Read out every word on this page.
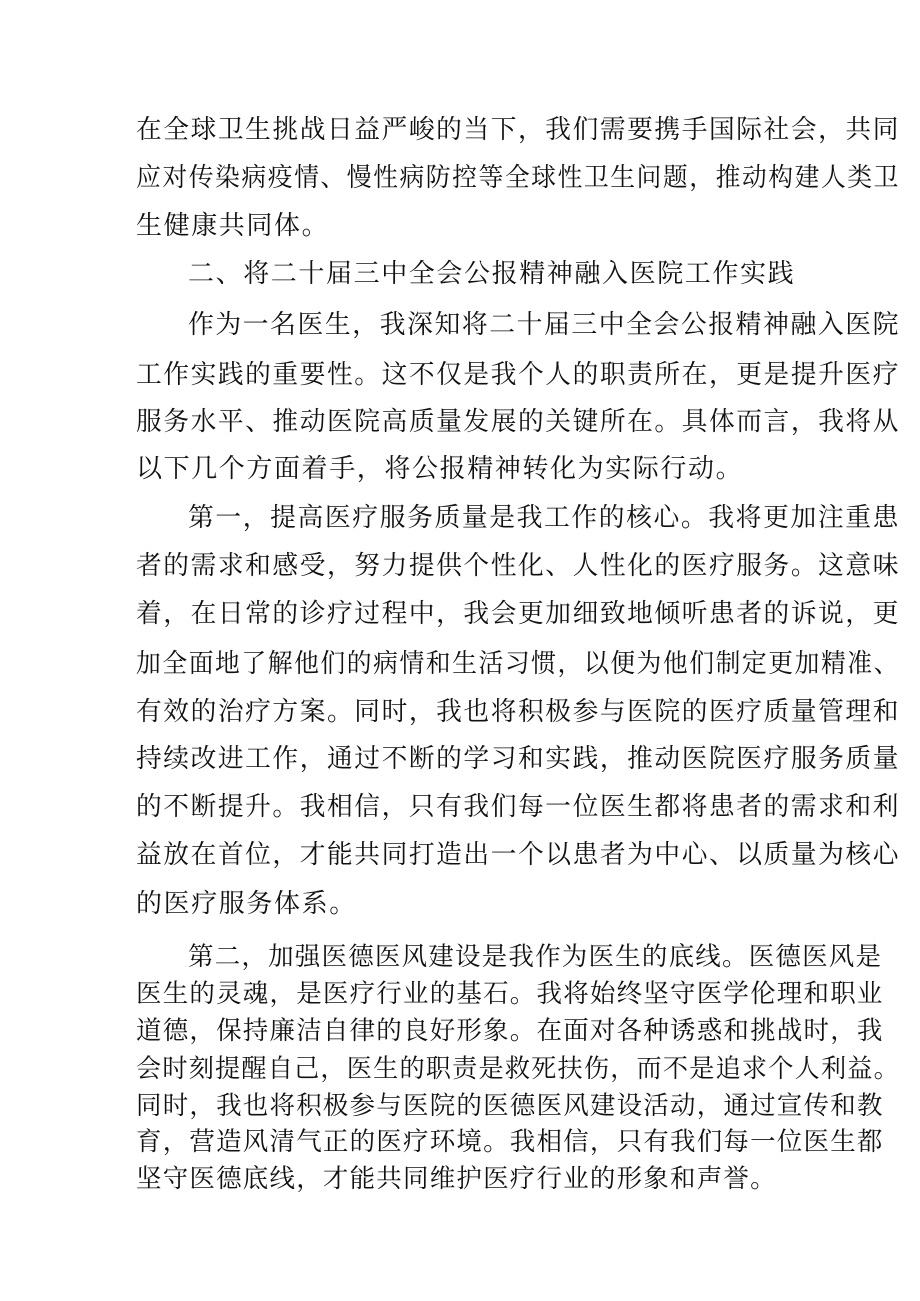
在全球卫生挑战日益严峻的当下，我们需要携手国际社会，共同
应对传染病疫情、慢性病防控等全球性卫生问题，推动构建人类卫
生健康共同体。
二、将二十届三中全会公报精神融入医院工作实践
作为一名医生，我深知将二十届三中全会公报精神融入医院
工作实践的重要性。这不仅是我个人的职责所在，更是提升医疗
服务水平、推动医院高质量发展的关键所在。具体而言，我将从
以下几个方面着手，将公报精神转化为实际行动。
第一，提高医疗服务质量是我工作的核心。我将更加注重患
者的需求和感受，努力提供个性化、人性化的医疗服务。这意味
着，在日常的诊疗过程中，我会更加细致地倾听患者的诉说，更
加全面地了解他们的病情和生活习惯，以便为他们制定更加精准、
有效的治疗方案。同时，我也将积极参与医院的医疗质量管理和
持续改进工作，通过不断的学习和实践，推动医院医疗服务质量
的不断提升。我相信，只有我们每一位医生都将患者的需求和利
益放在首位，才能共同打造出一个以患者为中心、以质量为核心
的医疗服务体系。
第二，加强医德医风建设是我作为医生的底线。医德医风是
医生的灵魂，是医疗行业的基石。我将始终坚守医学伦理和职业
道德，保持廉洁自律的良好形象。在面对各种诱惑和挑战时，我
会时刻提醒自己，医生的职责是救死扶伤，而不是追求个人利益。
同时，我也将积极参与医院的医德医风建设活动，通过宣传和教
育，营造风清气正的医疗环境。我相信，只有我们每一位医生都
坚守医德底线，才能共同维护医疗行业的形象和声誉。
